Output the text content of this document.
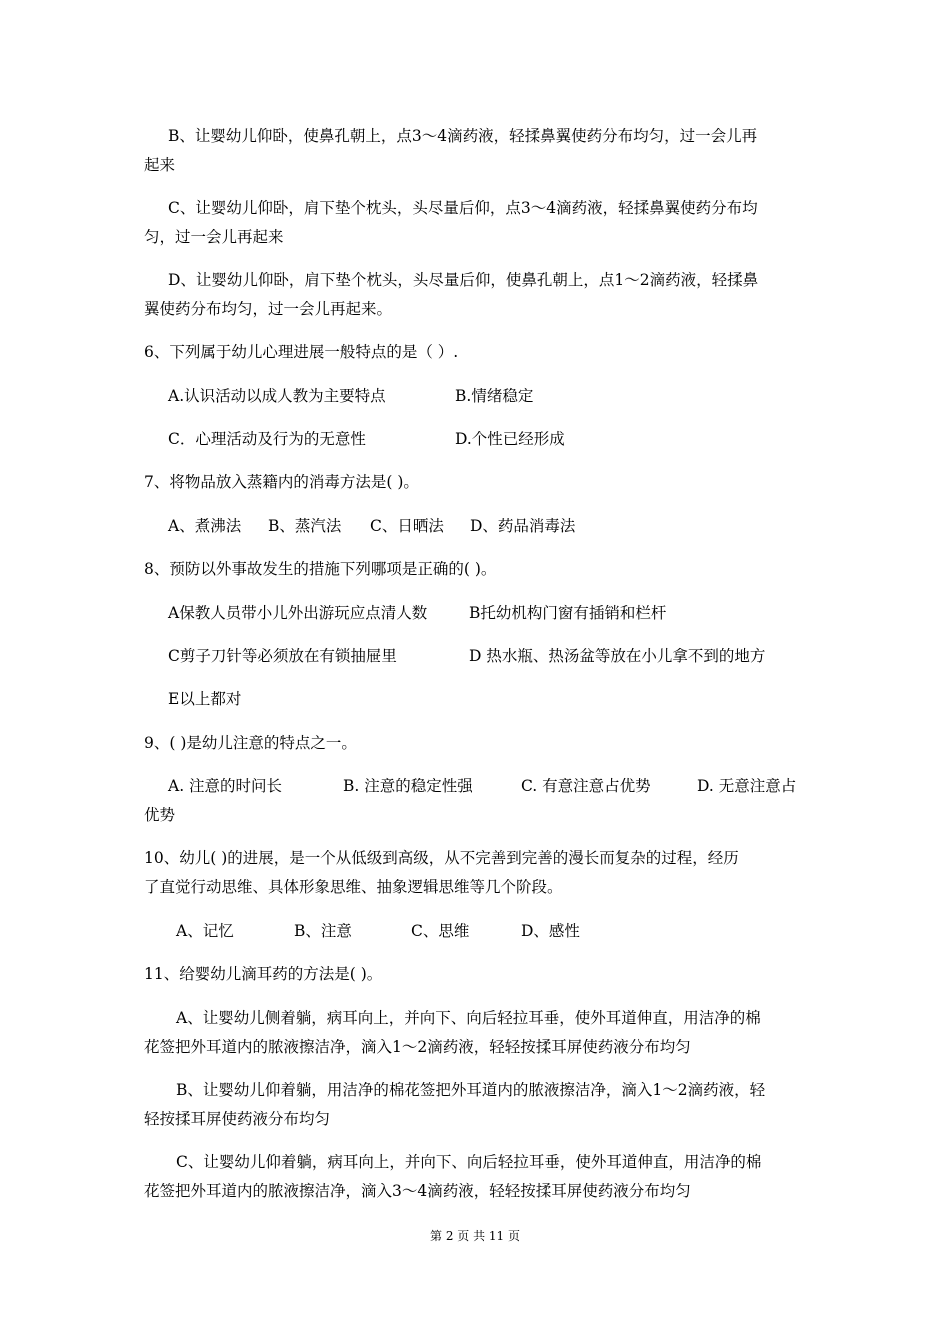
B、让婴幼儿仰卧，使鼻孔朝上，点3～4滴药液，轻揉鼻翼使药分布均匀，过一会儿再
起来
C、让婴幼儿仰卧，肩下垫个枕头，头尽量后仰，点3～4滴药液，轻揉鼻翼使药分布均
匀，过一会儿再起来
D、让婴幼儿仰卧，肩下垫个枕头，头尽量后仰，使鼻孔朝上，点1～2滴药液，轻揉鼻
翼使药分布均匀，过一会儿再起来。
6、下列属于幼儿心理进展一般特点的是（ ）.
A.认识活动以成人教为主要特点	B.情绪稳定
C．心理活动及行为的无意性	D.个性已经形成
7、将物品放入蒸籍内的消毒方法是( )。
A、煮沸法 B、蒸汽法 C、日晒法 D、药品消毒法
8、预防以外事故发生的措施下列哪项是正确的( )。
A保教人员带小儿外出游玩应点清人数	B托幼机构门窗有插销和栏杆
C剪子刀针等必须放在有锁抽屉里	D 热水瓶、热汤盆等放在小儿拿不到的地方
E以上都对
9、( )是幼儿注意的特点之一。
A. 注意的时问长	B. 注意的稳定性强	C. 有意注意占优势	D. 无意注意占
优势
10、幼儿( )的进展，是一个从低级到高级，从不完善到完善的漫长而复杂的过程，经历
了直觉行动思维、具体形象思维、抽象逻辑思维等几个阶段。
A、记忆	B、注意	C、思维	D、感性
11、给婴幼儿滴耳药的方法是( )。
A、让婴幼儿侧着躺，病耳向上，并向下、向后轻拉耳垂，使外耳道伸直，用洁净的棉
花签把外耳道内的脓液擦洁净，滴入1～2滴药液，轻轻按揉耳屏使药液分布均匀
B、让婴幼儿仰着躺，用洁净的棉花签把外耳道内的脓液擦洁净，滴入1～2滴药液，轻
轻按揉耳屏使药液分布均匀
C、让婴幼儿仰着躺，病耳向上，并向下、向后轻拉耳垂，使外耳道伸直，用洁净的棉
花签把外耳道内的脓液擦洁净，滴入3～4滴药液，轻轻按揉耳屏使药液分布均匀
第 2 页 共 11 页
